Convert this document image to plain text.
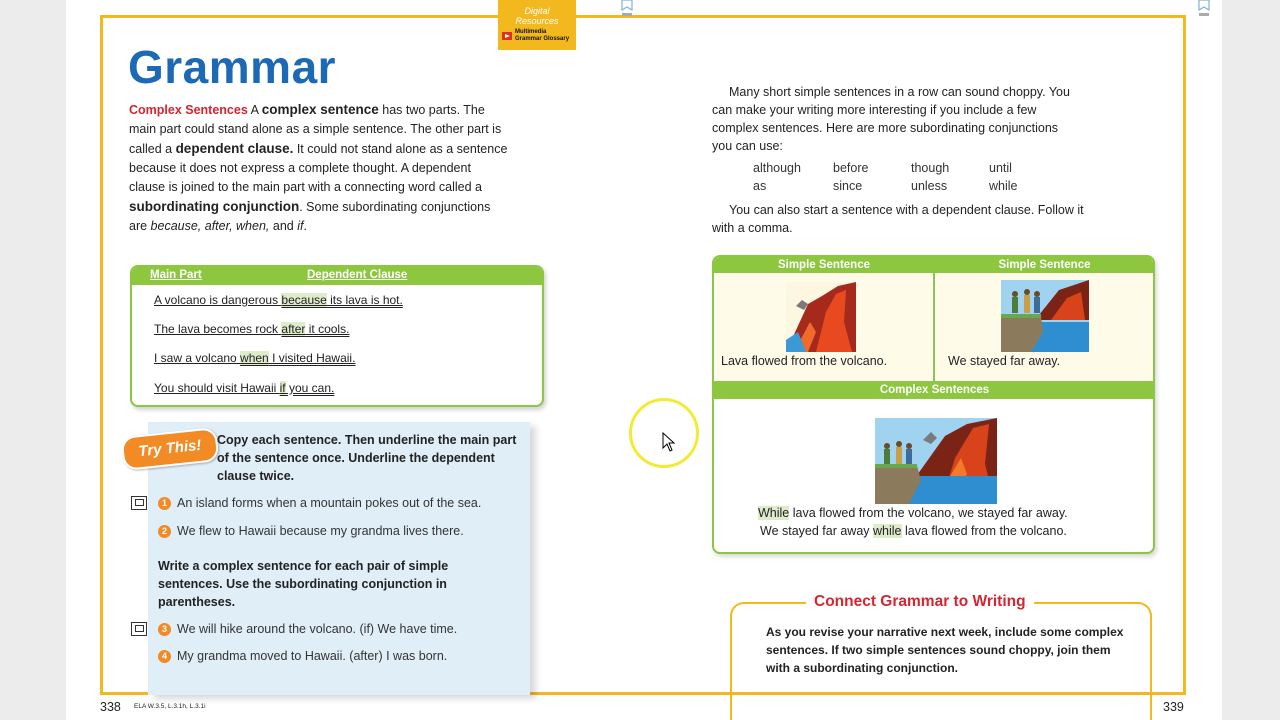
Digital Resources
Multimedia Grammar Glossary
Grammar
Complex Sentences A complex sentence has two parts. The main part could stand alone as a simple sentence. The other part is called a dependent clause. It could not stand alone as a sentence because it does not express a complete thought. A dependent clause is joined to the main part with a connecting word called a subordinating conjunction. Some subordinating conjunctions are because, after, when, and if.
Main Part	Dependent Clause
A volcano is dangerous because its lava is hot.
The lava becomes rock after it cools.
I saw a volcano when I visited Hawaii.
You should visit Hawaii if you can.
Try This!	Copy each sentence. Then underline the main part of the sentence once. Underline the dependent clause twice.
1 An island forms when a mountain pokes out of the sea.
2 We flew to Hawaii because my grandma lives there.
Write a complex sentence for each pair of simple sentences. Use the subordinating conjunction in parentheses.
3 We will hike around the volcano. (if) We have time.
4 My grandma moved to Hawaii. (after) I was born.
Many short simple sentences in a row can sound choppy. You can make your writing more interesting if you include a few complex sentences. Here are more subordinating conjunctions you can use:
although	before	though	until
as	since	unless	while
You can also start a sentence with a dependent clause. Follow it with a comma.
Simple Sentence	Simple Sentence
Complex Sentences
Lava flowed from the volcano.	We stayed far away.
While lava flowed from the volcano, we stayed far away.
We stayed far away while lava flowed from the volcano.
Connect Grammar to Writing
As you revise your narrative next week, include some complex sentences. If two simple sentences sound choppy, join them with a subordinating conjunction.
338 ELA W.3.5, L.3.1h, L.3.1i	339
